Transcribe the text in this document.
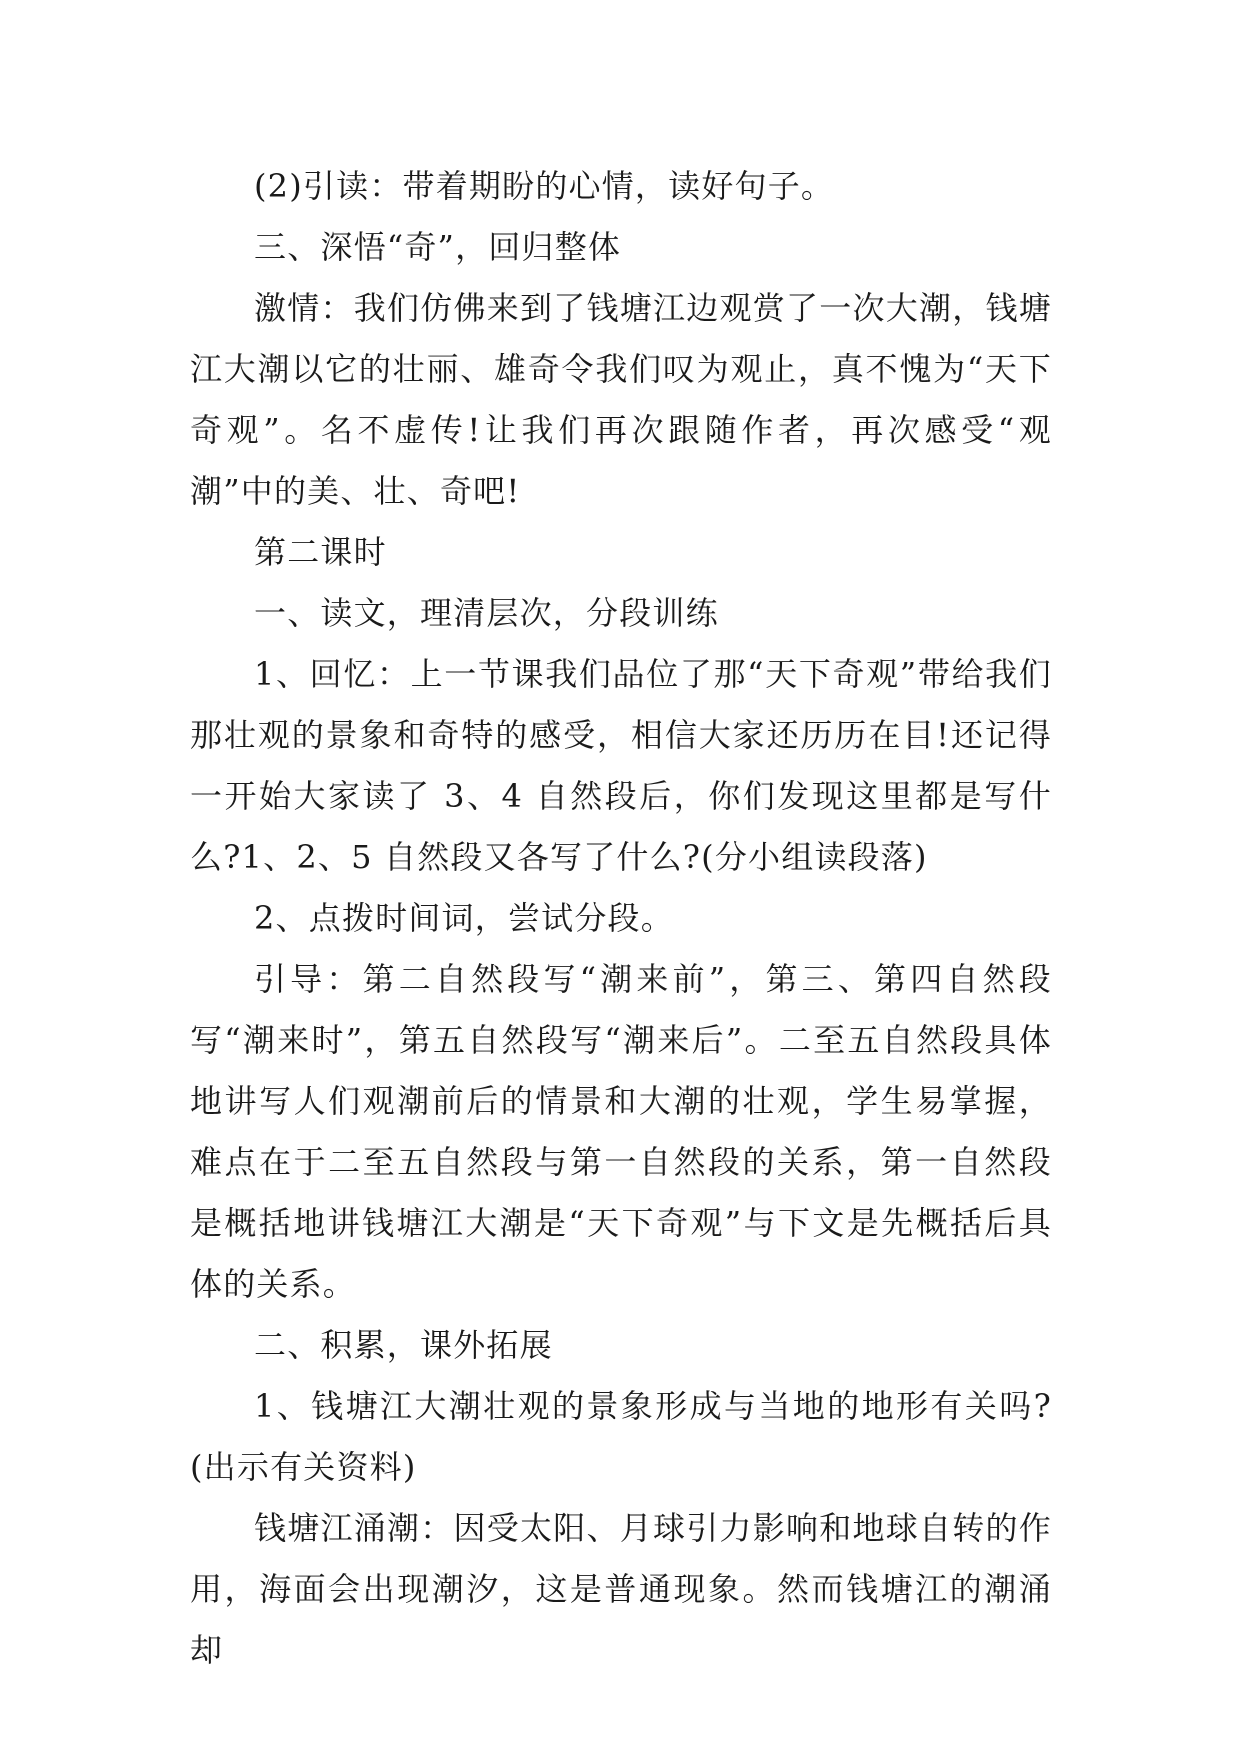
(2)引读：带着期盼的心情，读好句子。

三、深悟“奇”，回归整体

激情：我们仿佛来到了钱塘江边观赏了一次大潮，钱塘江大潮以它的壮丽、雄奇令我们叹为观止，真不愧为“天下奇观”。名不虚传!让我们再次跟随作者，再次感受“观潮”中的美、壮、奇吧!

第二课时

一、读文，理清层次，分段训练

1、回忆：上一节课我们品位了那“天下奇观”带给我们那壮观的景象和奇特的感受，相信大家还历历在目!还记得一开始大家读了 3、4 自然段后，你们发现这里都是写什么?1、2、5 自然段又各写了什么?(分小组读段落)

2、点拨时间词，尝试分段。

引导：第二自然段写“潮来前”，第三、第四自然段写“潮来时”，第五自然段写“潮来后”。二至五自然段具体地讲写人们观潮前后的情景和大潮的壮观，学生易掌握，难点在于二至五自然段与第一自然段的关系，第一自然段是概括地讲钱塘江大潮是“天下奇观”与下文是先概括后具体的关系。

二、积累，课外拓展

1、钱塘江大潮壮观的景象形成与当地的地形有关吗?(出示有关资料)

钱塘江涌潮：因受太阳、月球引力影响和地球自转的作用，海面会出现潮汐，这是普通现象。然而钱塘江的潮涌却
